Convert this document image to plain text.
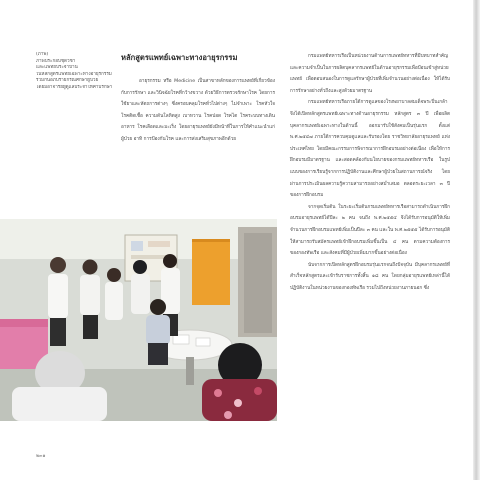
(ภาพ)
ภาพประกอบชุดวิชา
และแพทย์ประจำบ้าน
ในหลักสูตรแพทย์เฉพาะทางอายุรกรรม
ร่วมกันอภิปรายกรณีศึกษาผู้ป่วย
โดยมีอาจารย์ผู้ดูแลประจำให้คำปรึกษา
หลักสูตรแพทย์เฉพาะทางอายุรกรรม
อายุรกรรม หรือ Medicine เป็นสาขาหลักของการแพทย์ที่เกี่ยวข้องกับการรักษา และวินิจฉัยโรคที่กว้างขวาง ด้วยวิธีการตรวจรักษาโรค โดยการใช้ยาและหัตถการต่างๆ ซึ่งครอบคลุมโรคทั่วไปต่างๆ ไม่จำเพาะ โรคหัวใจ โรคติดเชื้อ ความดันโลหิตสูง เบาหวาน โรคปอด โรคไต โรคระบบทางเดินอาหาร โรคเลือดและมะเร็ง โดยอายุรแพทย์ยังมีหน้าที่ในการให้คำแนะนำแก่ผู้ป่วย อาทิ การป้องกันโรค และการส่งเสริมสุขภาพอีกด้วย

กรมแพทย์ทหารเรือเป็นหน่วยงานด้านการแพทย์ทหารที่มีบทบาทสำคัญและความจำเป็นในการผลิตบุคลากรแพทย์ในด้านอายุรกรรมเพื่อป้อนเข้าสู่หน่วยแพทย์ เพื่อตอบสนองในการดูแลรักษาผู้ป่วยที่เพิ่มจำนวนอย่างต่อเนื่อง ให้ได้รับการรักษาอย่างทั่วถึงและสูงด้วยมาตรฐาน

กรมแพทย์ทหารเรือภายใต้การดูแลของโรงพยาบาลสมเด็จพระปิ่นเกล้า จึงได้เปิดหลักสูตรแพทย์เฉพาะทางด้านอายุรกรรม หลักสูตร ๓ ปี เพื่อผลิตบุคลากรแพทย์เฉพาะทางในด้านนี้ ออกมารับใช้สังคมเป็นรุ่นแรก ตั้งแต่ พ.ศ.๒๕๔๗ ภายใต้การควบคุมดูแลและรับรองโดย ราชวิทยาลัยอายุรแพทย์ แห่งประเทศไทย โดยมีคณะกรรมการพิจารณาการฝึกอบรมอย่างต่อเนื่อง เพื่อให้การฝึกอบรมมีมาตรฐาน และสอดคล้องกับนโยบายของกรมแพทย์ทหารเรือ ในรูปแบบของการเรียนรู้จากการปฏิบัติงานและศึกษาผู้ป่วยในสถานการณ์จริง โดยผ่านการประเมินผลความรู้ความสามารถอย่างสม่ำเสมอ ตลอดระยะเวลา ๓ ปีของการฝึกอบรม

จากจุดเริ่มต้น ในระยะเริ่มต้นกรมแพทย์ทหารเรือสามารถดำเนินการฝึกอบรมอายุรแพทย์ได้ปีละ ๒ คน จนถึง พ.ศ.๒๕๕๔ จึงได้รับการอนุมัติให้เพิ่มจำนวนการฝึกอบรมแพทย์เพิ่มเป็นปีละ ๓ คน และใน พ.ศ.๒๕๕๕ ได้รับการอนุมัติให้สามารถรับสมัครแพทย์เข้าฝึกอบรมเพิ่มขึ้นเป็น ๔ คน ตามความต้องการของกองทัพเรือ และสังคมที่มีผู้ป่วยเพิ่มมากขึ้นอย่างต่อเนื่อง

นับจากการเปิดหลักสูตรฝึกอบรมรุ่นแรกจนถึงปัจจุบัน มีบุคลากรแพทย์ที่สำเร็จหลักสูตรและเข้ารับราชการทั้งสิ้น ๑๘ คน โดยกลุ่มอายุรแพทย์เหล่านี้ได้ปฏิบัติงานในหน่วยงานของกองทัพเรือ รวมไปถึงหน่วยงานภายนอก ซึ่ง

๒๓๑
